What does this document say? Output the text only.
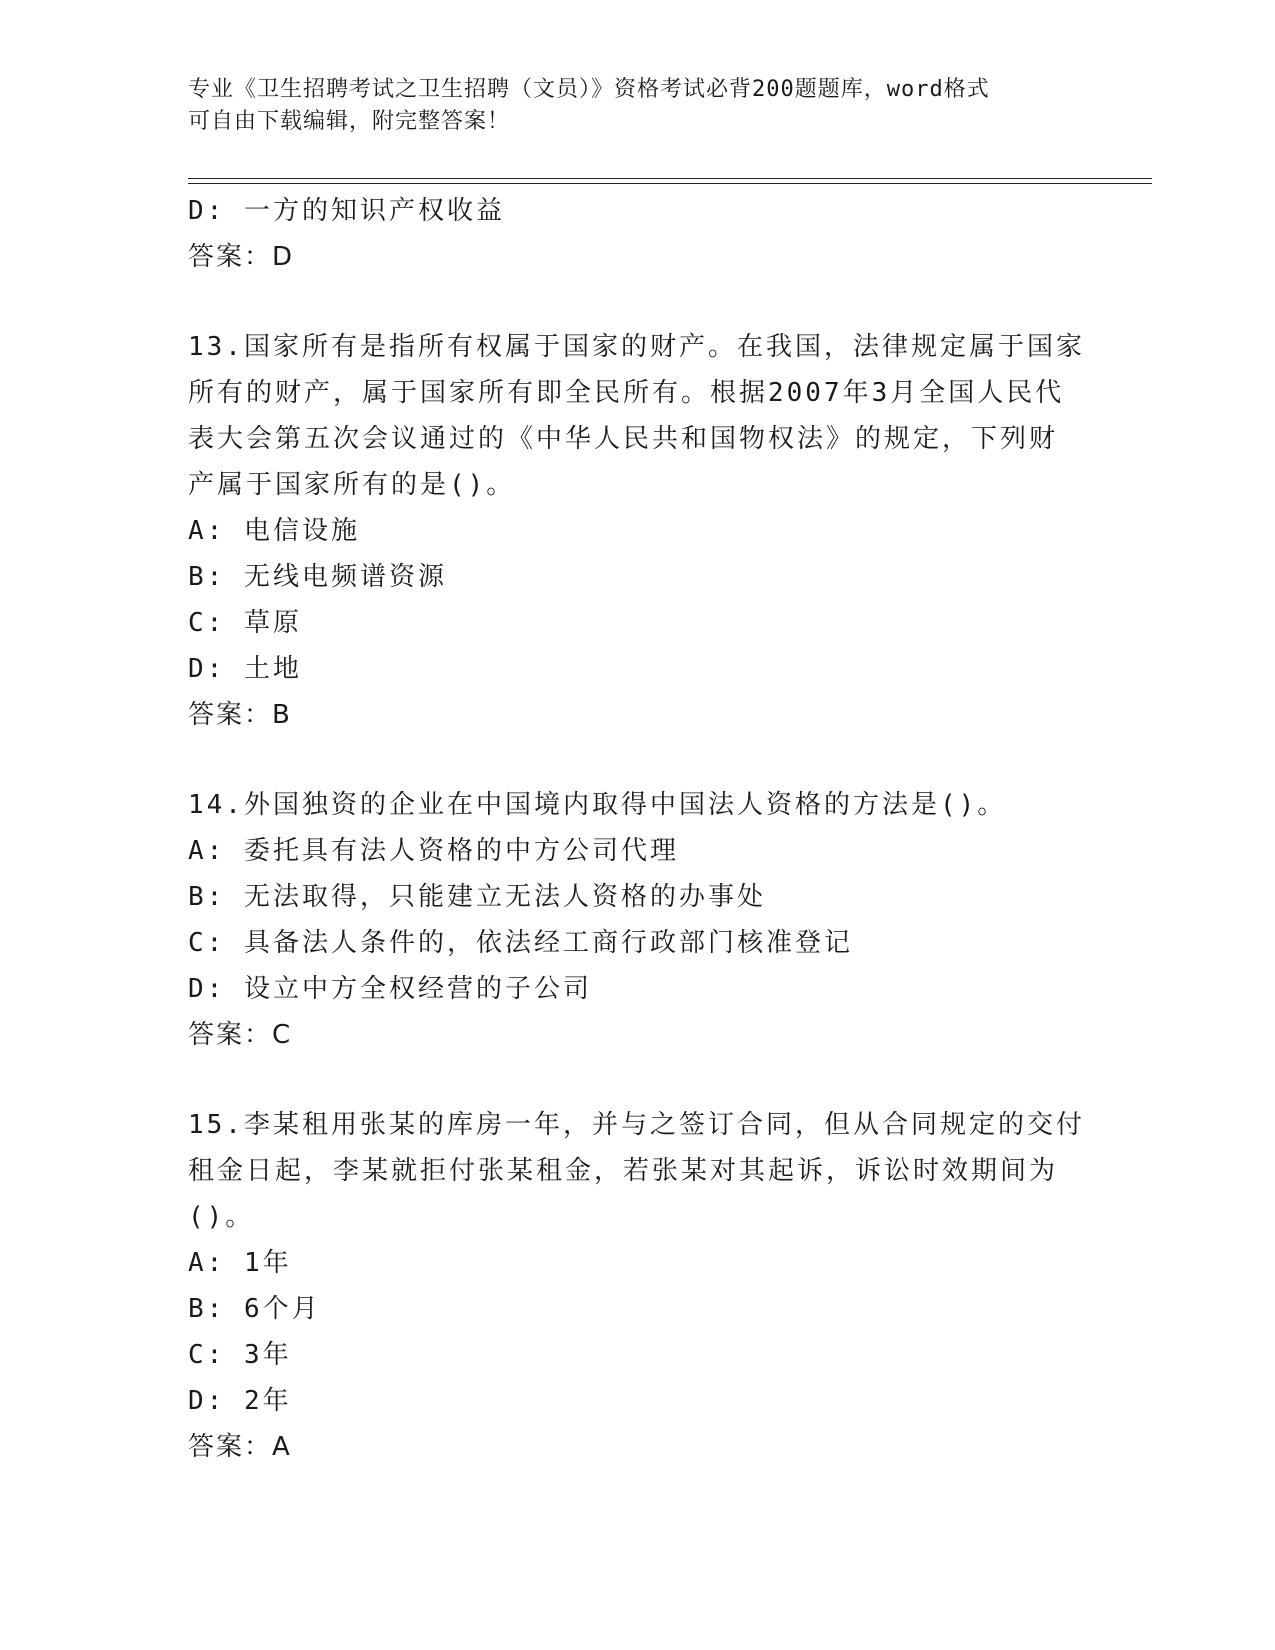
专业《卫生招聘考试之卫生招聘（文员）》资格考试必背200题题库，word格式
可自由下载编辑，附完整答案！
D: 一方的知识产权收益
答案：D
13.国家所有是指所有权属于国家的财产。在我国，法律规定属于国家
所有的财产，属于国家所有即全民所有。根据2007年3月全国人民代
表大会第五次会议通过的《中华人民共和国物权法》的规定，下列财
产属于国家所有的是()。
A: 电信设施
B: 无线电频谱资源
C: 草原
D: 土地
答案：B
14.外国独资的企业在中国境内取得中国法人资格的方法是()。
A: 委托具有法人资格的中方公司代理
B: 无法取得，只能建立无法人资格的办事处
C: 具备法人条件的，依法经工商行政部门核准登记
D: 设立中方全权经营的子公司
答案：C
15.李某租用张某的库房一年，并与之签订合同，但从合同规定的交付
租金日起，李某就拒付张某租金，若张某对其起诉，诉讼时效期间为
()。
A: 1年
B: 6个月
C: 3年
D: 2年
答案：A
